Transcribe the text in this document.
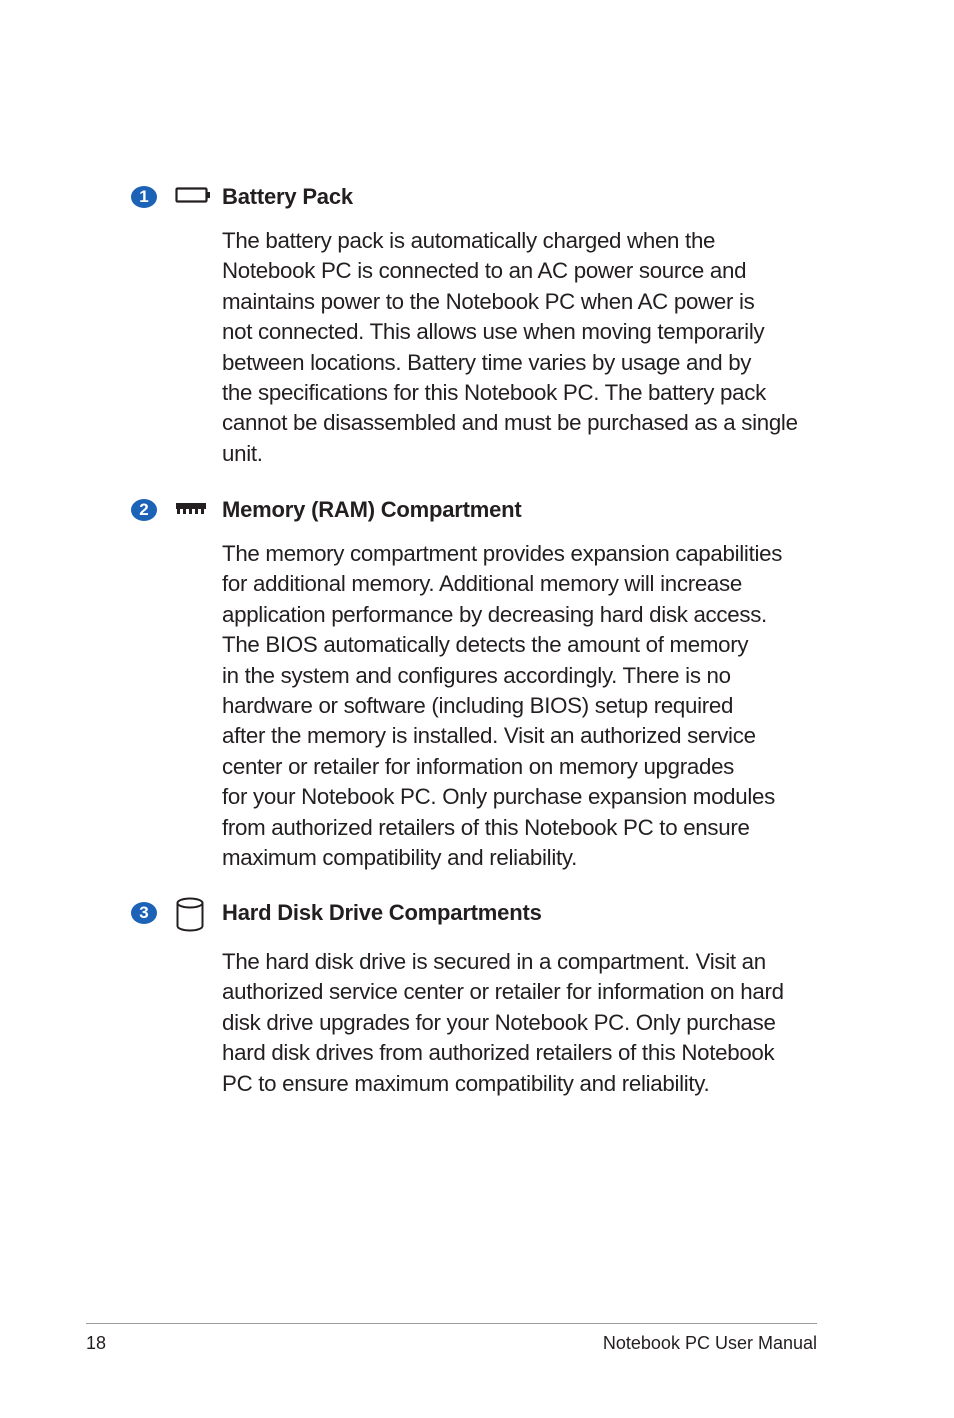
1	Battery Pack
The battery pack is automatically charged when the
Notebook PC is connected to an AC power source and
maintains power to the Notebook PC when AC power is
not connected. This allows use when moving temporarily
between locations. Battery time varies by usage and by
the specifications for this Notebook PC. The battery pack
cannot be disassembled and must be purchased as a single
unit.
2	Memory (RAM) Compartment
The memory compartment provides expansion capabilities
for additional memory. Additional memory will increase
application performance by decreasing hard disk access.
The BIOS automatically detects the amount of memory
in the system and configures accordingly. There is no
hardware or software (including BIOS) setup required
after the memory is installed. Visit an authorized service
center or retailer for information on memory upgrades
for your Notebook PC. Only purchase expansion modules
from authorized retailers of this Notebook PC to ensure
maximum compatibility and reliability.
3	Hard Disk Drive Compartments
The hard disk drive is secured in a compartment. Visit an
authorized service center or retailer for information on hard
disk drive upgrades for your Notebook PC. Only purchase
hard disk drives from authorized retailers of this Notebook
PC to ensure maximum compatibility and reliability.
18	Notebook PC User Manual
